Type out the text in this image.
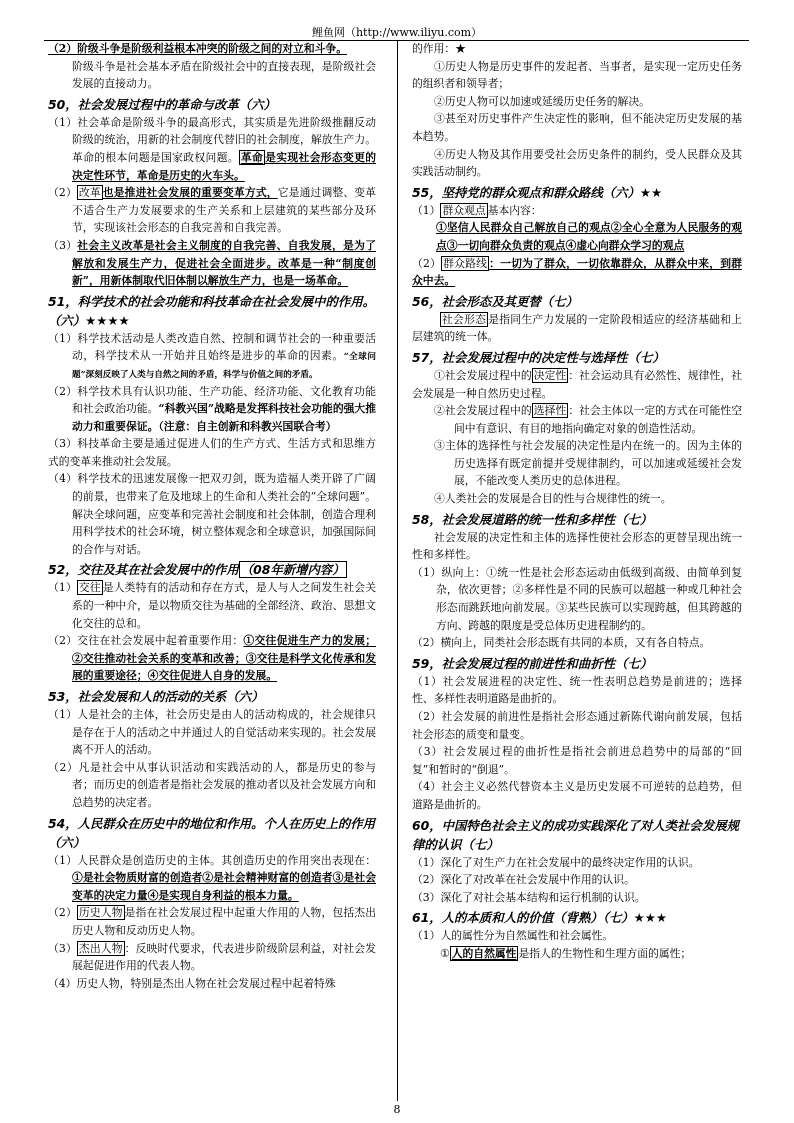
鲤鱼网（http://www.iliyu.com）

（2）阶级斗争是阶级利益根本冲突的阶级之间的对立和斗争。

阶级斗争是社会基本矛盾在阶级社会中的直接表现，是阶级社会发展的直接动力。

50，社会发展过程中的革命与改革（六）

（1）社会革命是阶级斗争的最高形式，其实质是先进阶级推翻反动阶级的统治，用新的社会制度代替旧的社会制度，解放生产力。革命的根本问题是国家政权问题。 革命 是实现社会形态变更的决定性环节，革命是历史的火车头。

（2） 改革 也是推进社会发展的重要变革方式，它是通过调整、变革不适合生产力发展要求的生产关系和上层建筑的某些部分及环节，实现该社会形态的自我完善和自我完善。

（3）社会主义改革是社会主义制度的自我完善、自我发展，是为了解放和发展生产力，促进社会全面进步。改革是一种“制度创新”，用新体制取代旧体制以解放生产力，也是一场革命。

51，科学技术的社会功能和科技革命在社会发展中的作用。（六）★★★★

（1）科学技术活动是人类改造自然、控制和调节社会的一种重要活动，科学技术从一开始并且始终是进步的革命的因素。“全球问题”深刻反映了人类与自然之间的矛盾，科学与价值之间的矛盾。

（2）科学技术具有认识功能、生产功能、经济功能、文化教育功能和社会政治功能。“科教兴国”战略是发挥科技社会功能的强大推动力和重要保证。（注意：自主创新和科教兴国联合考）

（3）科技革命主要是通过促进人们的生产方式、生活方式和思维方式的变革来推动社会发展。

（4）科学技术的迅速发展像一把双刃剑，既为造福人类开辟了广阔的前景，也带来了危及地球上的生命和人类社会的“全球问题”。解决全球问题，应变革和完善社会制度和社会体制，创造合理利用科学技术的社会环境，树立整体观念和全球意识，加强国际间的合作与对话。

52，交往及其在社会发展中的作用 （08年新增内容）

（1） 交往 是人类特有的活动和存在方式，是人与人之间发生社会关系的一种中介，是以物质交往为基础的全部经济、政治、思想文化交往的总和。

（2）交往在社会发展中起着重要作用：①交往促进生产力的发展；②交往推动社会关系的变革和改善；③交往是科学文化传承和发展的重要途径；④交往促进人自身的发展。

53，社会发展和人的活动的关系（六）

（1）人是社会的主体，社会历史是由人的活动构成的，社会规律只是存在于人的活动之中并通过人的自觉活动来实现的。社会发展离不开人的活动。

（2）凡是社会中从事认识活动和实践活动的人，都是历史的参与者；而历史的创造者是指社会发展的推动者以及社会发展方向和总趋势的决定者。

54，人民群众在历史中的地位和作用。个人在历史上的作用（六）

（1）人民群众是创造历史的主体。其创造历史的作用突出表现在：①是社会物质财富的创造者②是社会精神财富的创造者③是社会变革的决定力量④是实现自身利益的根本力量。

（2） 历史人物 是指在社会发展过程中起重大作用的人物，包括杰出历史人物和反动历史人物。

（3） 杰出人物 ：反映时代要求，代表进步阶级阶层利益，对社会发展起促进作用的代表人物。

（4）历史人物，特别是杰出人物在社会发展过程中起着特殊

的作用：★

①历史人物是历史事件的发起者、当事者，是实现一定历史任务的组织者和领导者；

②历史人物可以加速或延缓历史任务的解决。

③甚至对历史事件产生决定性的影响，但不能决定历史发展的基本趋势。

④历史人物及其作用要受社会历史条件的制约，受人民群众及其实践活动制约。

55，坚持党的群众观点和群众路线（六）★★

（1） 群众观点 基本内容：

①坚信人民群众自己解放自己的观点②全心全意为人民服务的观点③一切向群众负责的观点④虚心向群众学习的观点

（2） 群众路线 ：一切为了群众，一切依靠群众，从群众中来，到群众中去。

56，社会形态及其更替（七）

社会形态 是指同生产力发展的一定阶段相适应的经济基础和上层建筑的统一体。

57，社会发展过程中的决定性与选择性（七）

①社会发展过程中的 决定性 ：社会运动具有必然性、规律性，社会发展是一种自然历史过程。

②社会发展过程中的 选择性 ：社会主体以一定的方式在可能性空间中有意识、有目的地指向确定对象的创造性活动。

③主体的选择性与社会发展的决定性是内在统一的。因为主体的历史选择有既定前提并受规律制约，可以加速或延缓社会发展，不能改变人类历史的总体进程。

④人类社会的发展是合目的性与合规律性的统一。

58，社会发展道路的统一性和多样性（七）

社会发展的决定性和主体的选择性使社会形态的更替呈现出统一性和多样性。

（1）纵向上：①统一性是社会形态运动由低级到高级、由简单到复杂，依次更替；②多样性是不同的民族可以超越一种或几种社会形态而跳跃地向前发展。③某些民族可以实现跨越，但其跨越的方向、跨越的限度是受总体历史进程制约的。

（2）横向上，同类社会形态既有共同的本质，又有各自特点。

59，社会发展过程的前进性和曲折性（七）

（1）社会发展进程的决定性、统一性表明总趋势是前进的；选择性、多样性表明道路是曲折的。

（2）社会发展的前进性是指社会形态通过新陈代谢向前发展，包括社会形态的质变和量变。

（3）社会发展过程的曲折性是指社会前进总趋势中的局部的“回复”和暂时的“倒退”。

（4）社会主义必然代替资本主义是历史发展不可逆转的总趋势，但道路是曲折的。

60，中国特色社会主义的成功实践深化了对人类社会发展规律的认识（七）

（1）深化了对生产力在社会发展中的最终决定作用的认识。

（2）深化了对改革在社会发展中作用的认识。

（3）深化了对社会基本结构和运行机制的认识。

61，人的本质和人的价值（背熟）（七）★★★

（1）人的属性分为自然属性和社会属性。

① 人的自然属性 是指人的生物性和生理方面的属性；

8
